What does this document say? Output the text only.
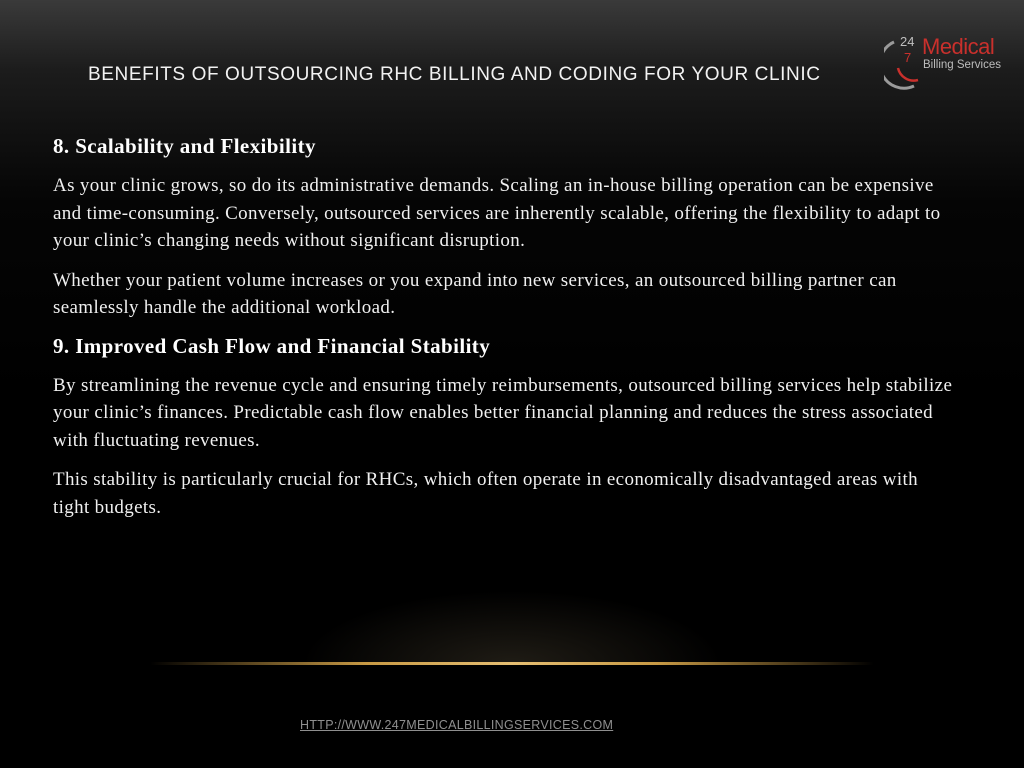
BENEFITS OF OUTSOURCING RHC BILLING AND CODING FOR YOUR CLINIC
24
7 Medical
Billing Services
8. Scalability and Flexibility

As your clinic grows, so do its administrative demands. Scaling an in-house billing operation can be expensive and time-consuming. Conversely, outsourced services are inherently scalable, offering the flexibility to adapt to your clinic’s changing needs without significant disruption.

Whether your patient volume increases or you expand into new services, an outsourced billing partner can seamlessly handle the additional workload.

9. Improved Cash Flow and Financial Stability

By streamlining the revenue cycle and ensuring timely reimbursements, outsourced billing services help stabilize your clinic’s finances. Predictable cash flow enables better financial planning and reduces the stress associated with fluctuating revenues.

This stability is particularly crucial for RHCs, which often operate in economically disadvantaged areas with tight budgets.

HTTP://WWW.247MEDICALBILLINGSERVICES.COM
